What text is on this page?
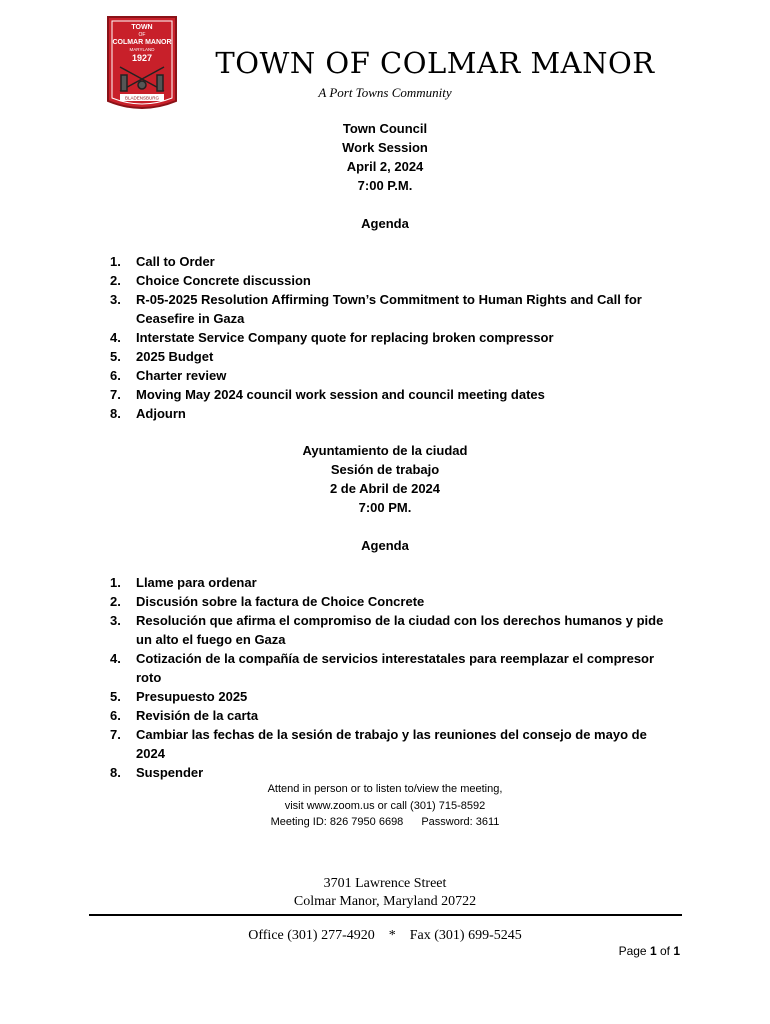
TOWN
OF
COLMAR MANOR
MARYLAND
1927
BLADENSBURG
TOWN OF COLMAR MANOR
A Port Towns Community
Town Council
Work Session
April 2, 2024
7:00 P.M.
Agenda
1.	Call to Order
2.	Choice Concrete discussion
3.	R-05-2025 Resolution Affirming Town’s Commitment to Human Rights and Call for Ceasefire in Gaza
4.	Interstate Service Company quote for replacing broken compressor
5.	2025 Budget
6.	Charter review
7.	Moving May 2024 council work session and council meeting dates
8.	Adjourn
Ayuntamiento de la ciudad
Sesión de trabajo
2 de Abril de 2024
7:00 PM.
Agenda
1.	Llame para ordenar
2.	Discusión sobre la factura de Choice Concrete
3.	Resolución que afirma el compromiso de la ciudad con los derechos humanos y pide un alto el fuego en Gaza
4.	Cotización de la compañía de servicios interestatales para reemplazar el compresor roto
5.	Presupuesto 2025
6.	Revisión de la carta
7.	Cambiar las fechas de la sesión de trabajo y las reuniones del consejo de mayo de 2024
8.	Suspender
Attend in person or to listen to/view the meeting,
visit www.zoom.us or call (301) 715-8592
Meeting ID: 826 7950 6698 Password: 3611
3701 Lawrence Street
Colmar Manor, Maryland 20722
Office (301) 277-4920 * Fax (301) 699-5245
Page 1 of 1
